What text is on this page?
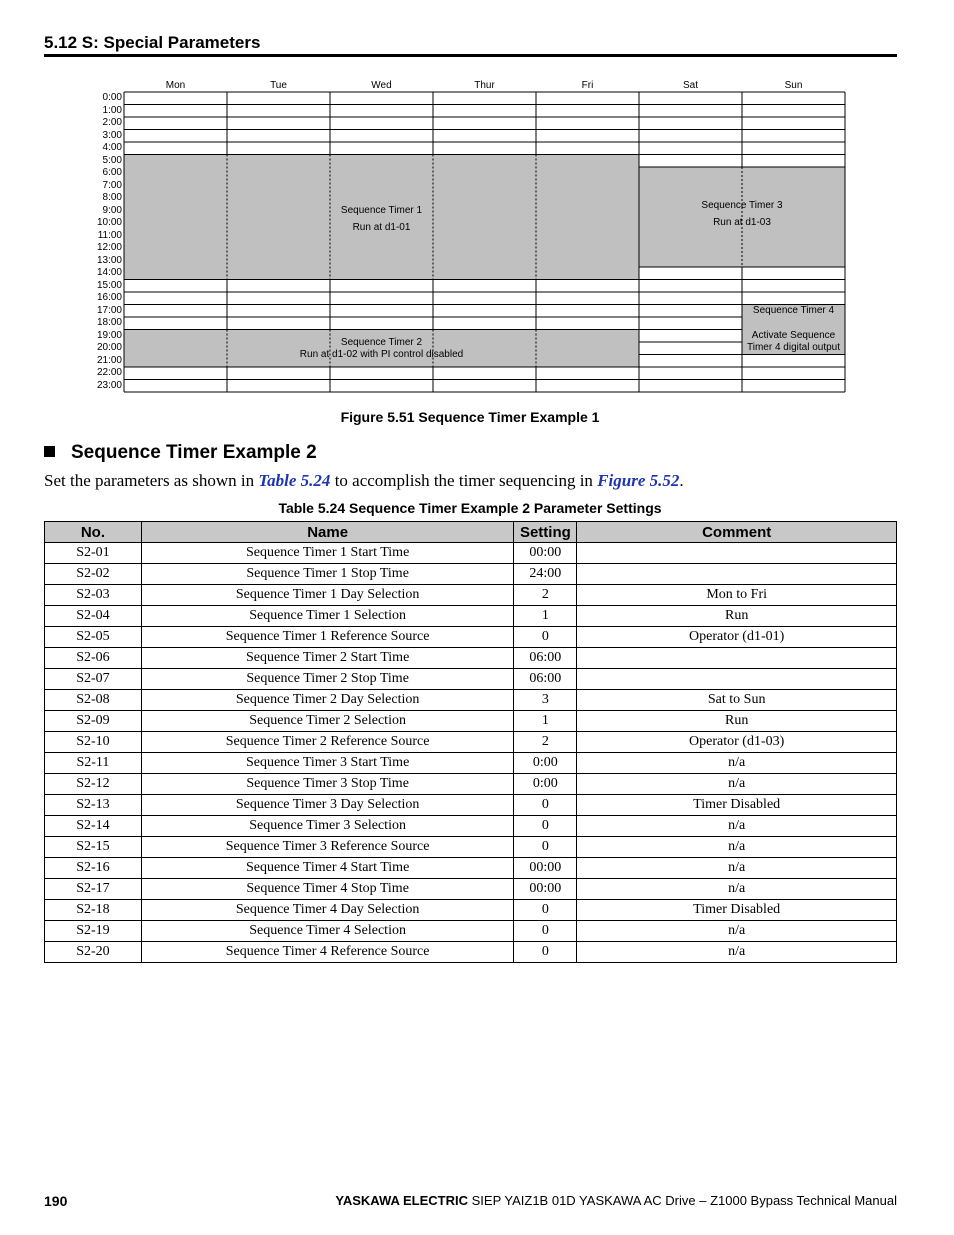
5.12 S: Special Parameters
Mon	Tue	Wed	Thur	Fri	Sat	Sun
0:00
1:00
2:00
3:00
4:00
5:00
6:00
7:00
8:00
9:00
10:00
11:00
12:00
13:00
14:00
15:00
16:00
17:00
18:00
19:00
20:00
21:00
22:00
23:00
Sequence Timer 1
Run at d1-01
Sequence Timer 2
Run at d1-02 with PI control disabled
Sequence Timer 3
Run at d1-03
Sequence Timer 4
Activate Sequence Timer 4 digital output
Figure 5.51 Sequence Timer Example 1
Sequence Timer Example 2
Set the parameters as shown in Table 5.24 to accomplish the timer sequencing in Figure 5.52.
Table 5.24 Sequence Timer Example 2 Parameter Settings
No.	Name	Setting	Comment
S2-01	Sequence Timer 1 Start Time	00:00	
S2-02	Sequence Timer 1 Stop Time	24:00	
S2-03	Sequence Timer 1 Day Selection	2	Mon to Fri
S2-04	Sequence Timer 1 Selection	1	Run
S2-05	Sequence Timer 1 Reference Source	0	Operator (d1-01)
S2-06	Sequence Timer 2 Start Time	06:00	
S2-07	Sequence Timer 2 Stop Time	06:00	
S2-08	Sequence Timer 2 Day Selection	3	Sat to Sun
S2-09	Sequence Timer 2 Selection	1	Run
S2-10	Sequence Timer 2 Reference Source	2	Operator (d1-03)
S2-11	Sequence Timer 3 Start Time	0:00	n/a
S2-12	Sequence Timer 3 Stop Time	0:00	n/a
S2-13	Sequence Timer 3 Day Selection	0	Timer Disabled
S2-14	Sequence Timer 3 Selection	0	n/a
S2-15	Sequence Timer 3 Reference Source	0	n/a
S2-16	Sequence Timer 4 Start Time	00:00	n/a
S2-17	Sequence Timer 4 Stop Time	00:00	n/a
S2-18	Sequence Timer 4 Day Selection	0	Timer Disabled
S2-19	Sequence Timer 4 Selection	0	n/a
S2-20	Sequence Timer 4 Reference Source	0	n/a
190	YASKAWA ELECTRIC SIEP YAIZ1B 01D YASKAWA AC Drive – Z1000 Bypass Technical Manual
